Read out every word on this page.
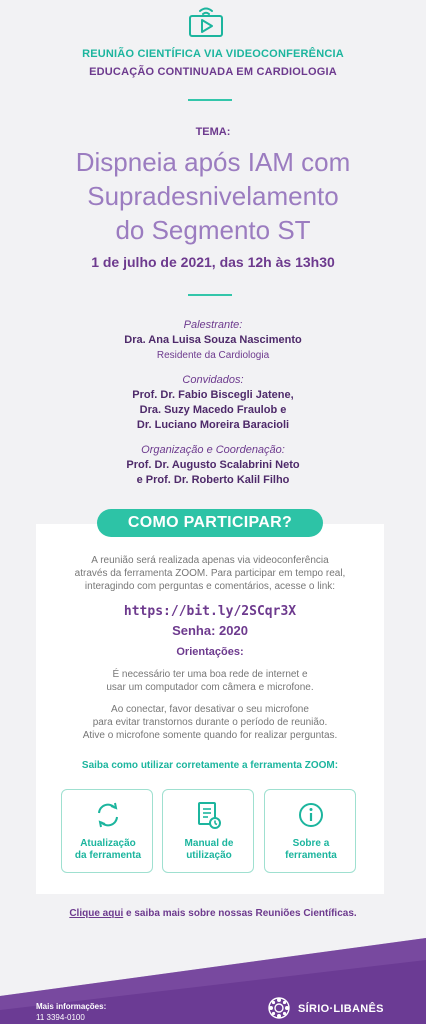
REUNIÃO CIENTÍFICA VIA VIDEOCONFERÊNCIA
EDUCAÇÃO CONTINUADA EM CARDIOLOGIA
TEMA:
Dispneia após IAM com
Supradesnivelamento
do Segmento ST
1 de julho de 2021, das 12h às 13h30
Palestrante:
Dra. Ana Luisa Souza Nascimento
Residente da Cardiologia
Convidados:
Prof. Dr. Fabio Biscegli Jatene,
Dra. Suzy Macedo Fraulob e
Dr. Luciano Moreira Baracioli
Organização e Coordenação:
Prof. Dr. Augusto Scalabrini Neto
e Prof. Dr. Roberto Kalil Filho
COMO PARTICIPAR?
A reunião será realizada apenas via videoconferência
através da ferramenta ZOOM. Para participar em tempo real,
interagindo com perguntas e comentários, acesse o link:
https://bit.ly/2SCqr3X
Senha: 2020
Orientações:
É necessário ter uma boa rede de internet e
usar um computador com câmera e microfone.
Ao conectar, favor desativar o seu microfone
para evitar transtornos durante o período de reunião.
Ative o microfone somente quando for realizar perguntas.
Saiba como utilizar corretamente a ferramenta ZOOM:
Atualização
da ferramenta
Manual de
utilização
Sobre a
ferramenta
Clique aqui e saiba mais sobre nossas Reuniões Científicas.
Mais informações:
11 3394-0100
SÍRIO·LIBANÊS
